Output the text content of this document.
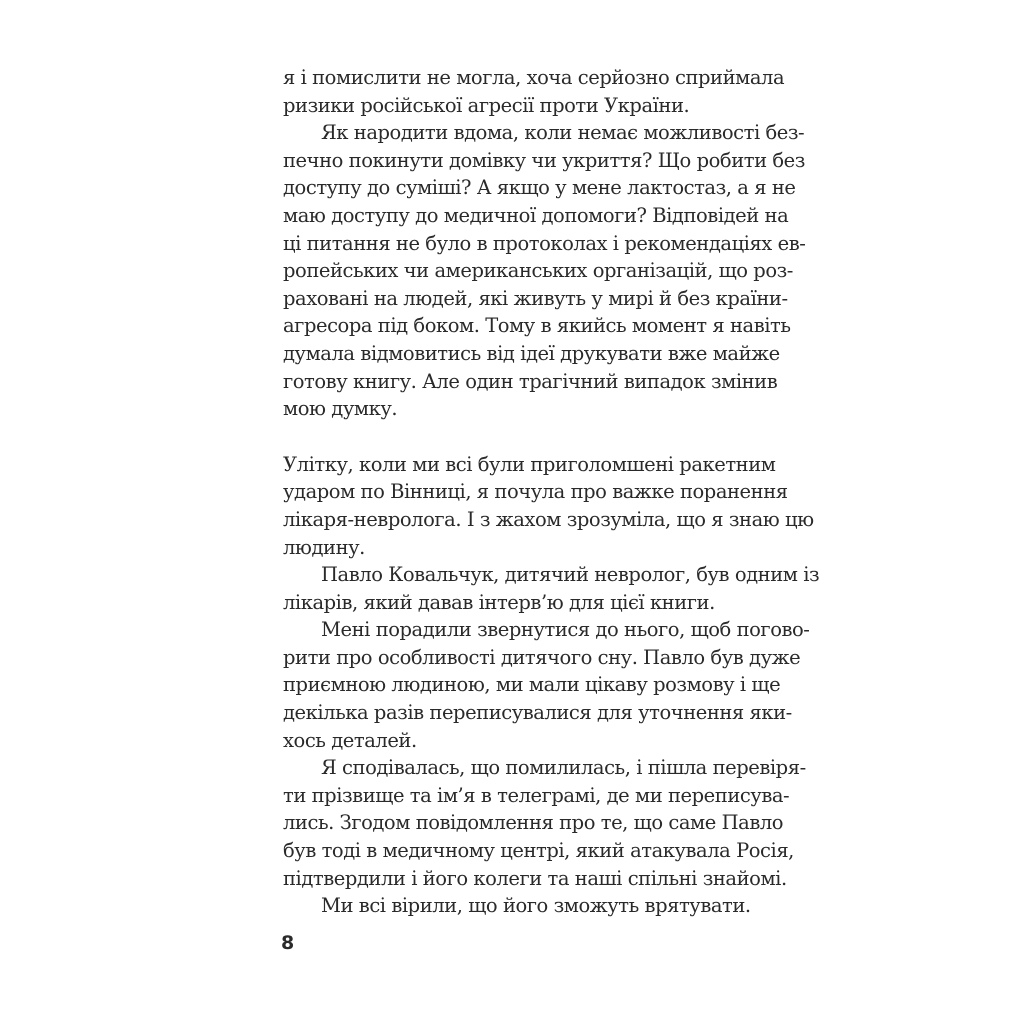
я і помислити не могла, хоча серйозно сприймала
ризики російської агресії проти України.
Як народити вдома, коли немає можливості без-
печно покинути домівку чи укриття? Що робити без
доступу до суміші? А якщо у мене лактостаз, а я не
маю доступу до медичної допомоги? Відповідей на
ці питання не було в протоколах і рекомендаціях ев-
ропейських чи американських організацій, що роз-
раховані на людей, які живуть у мирі й без країни-
агресора під боком. Тому в якийсь момент я навіть
думала відмовитись від ідеї друкувати вже майже
готову книгу. Але один трагічний випадок змінив
мою думку.
Улітку, коли ми всі були приголомшені ракетним
ударом по Вінниці, я почула про важке поранення
лікаря-невролога. І з жахом зрозуміла, що я знаю цю
людину.
Павло Ковальчук, дитячий невролог, був одним із
лікарів, який давав інтерв’ю для цієї книги.
Мені порадили звернутися до нього, щоб погово-
рити про особливості дитячого сну. Павло був дуже
приємною людиною, ми мали цікаву розмову і ще
декілька разів переписувалися для уточнення яки-
хось деталей.
Я сподівалась, що помилилась, і пішла перевіря-
ти прізвище та ім’я в телеграмі, де ми переписува-
лись. Згодом повідомлення про те, що саме Павло
був тоді в медичному центрі, який атакувала Росія,
підтвердили і його колеги та наші спільні знайомі.
Ми всі вірили, що його зможуть врятувати.
8
